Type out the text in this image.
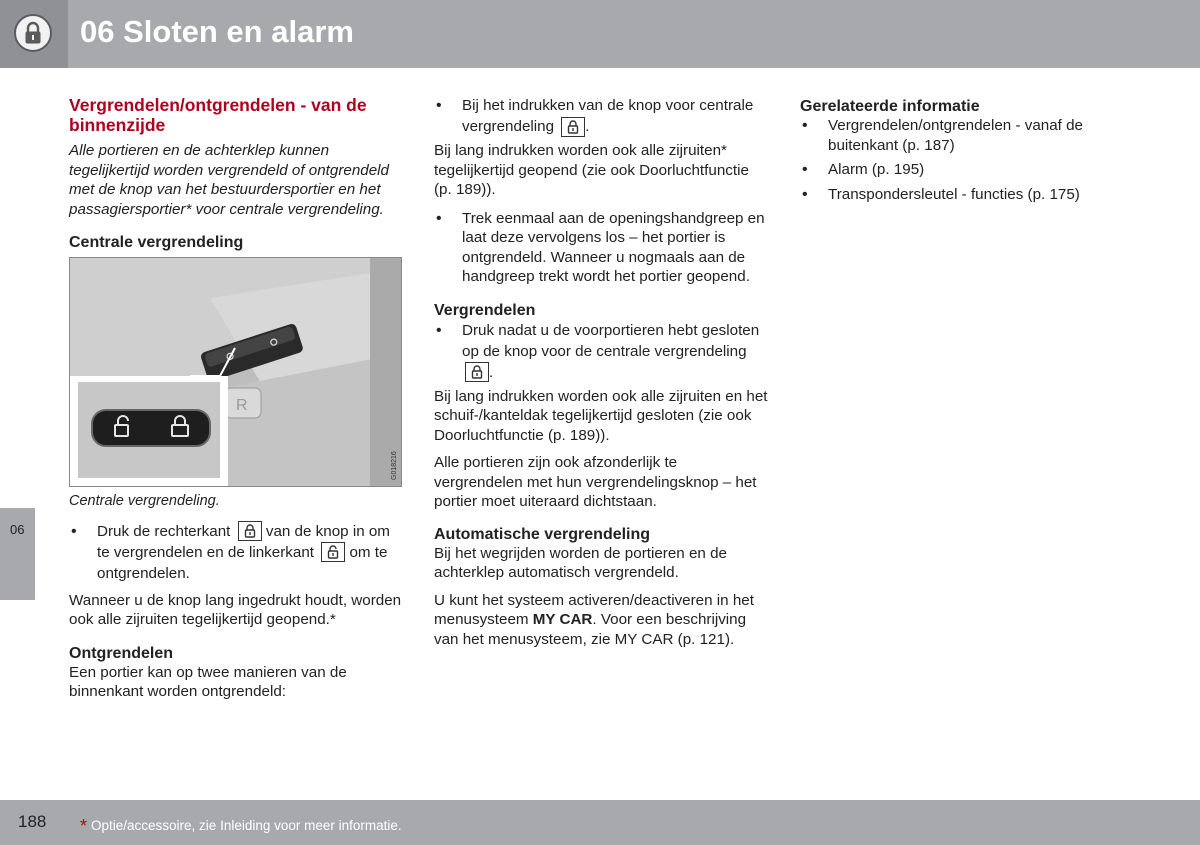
06 Sloten en alarm
06
Vergrendelen/ontgrendelen - van de binnenzijde

Alle portieren en de achterklep kunnen tegelijkertijd worden vergrendeld of ontgrendeld met de knop van het bestuurdersportier en het passagiersportier* voor centrale vergrendeling.

Centrale vergrendeling
R
G018216

Centrale vergrendeling.

• Druk de rechterkant van de knop in om te vergrendelen en de linkerkant om te ontgrendelen.

Wanneer u de knop lang ingedrukt houdt, worden ook alle zijruiten tegelijkertijd geopend.*

Ontgrendelen

Een portier kan op twee manieren van de binnenkant worden ontgrendeld:

• Bij het indrukken van de knop voor centrale vergrendeling .

Bij lang indrukken worden ook alle zijruiten* tegelijkertijd geopend (zie ook Doorluchtfunctie (p. 189)).

• Trek eenmaal aan de openingshandgreep en laat deze vervolgens los – het portier is ontgrendeld. Wanneer u nogmaals aan de handgreep trekt wordt het portier geopend.
Vergrendelen
• Druk nadat u de voorportieren hebt gesloten op de knop voor de centrale vergrendeling
.

Bij lang indrukken worden ook alle zijruiten en het schuif-/kanteldak tegelijkertijd gesloten (zie ook Doorluchtfunctie (p. 189)).

Alle portieren zijn ook afzonderlijk te vergrendelen met hun vergrendelingsknop – het portier moet uiteraard dichtstaan.

Automatische vergrendeling

Bij het wegrijden worden de portieren en de achterklep automatisch vergrendeld.

U kunt het systeem activeren/deactiveren in het menusysteem MY CAR. Voor een beschrijving van het menusysteem, zie MY CAR (p. 121).

Gerelateerde informatie
• Vergrendelen/ontgrendelen - vanaf de buitenkant (p. 187)
• Alarm (p. 195)
• Transpondersleutel - functies (p. 175)
188 * Optie/accessoire, zie Inleiding voor meer informatie.
